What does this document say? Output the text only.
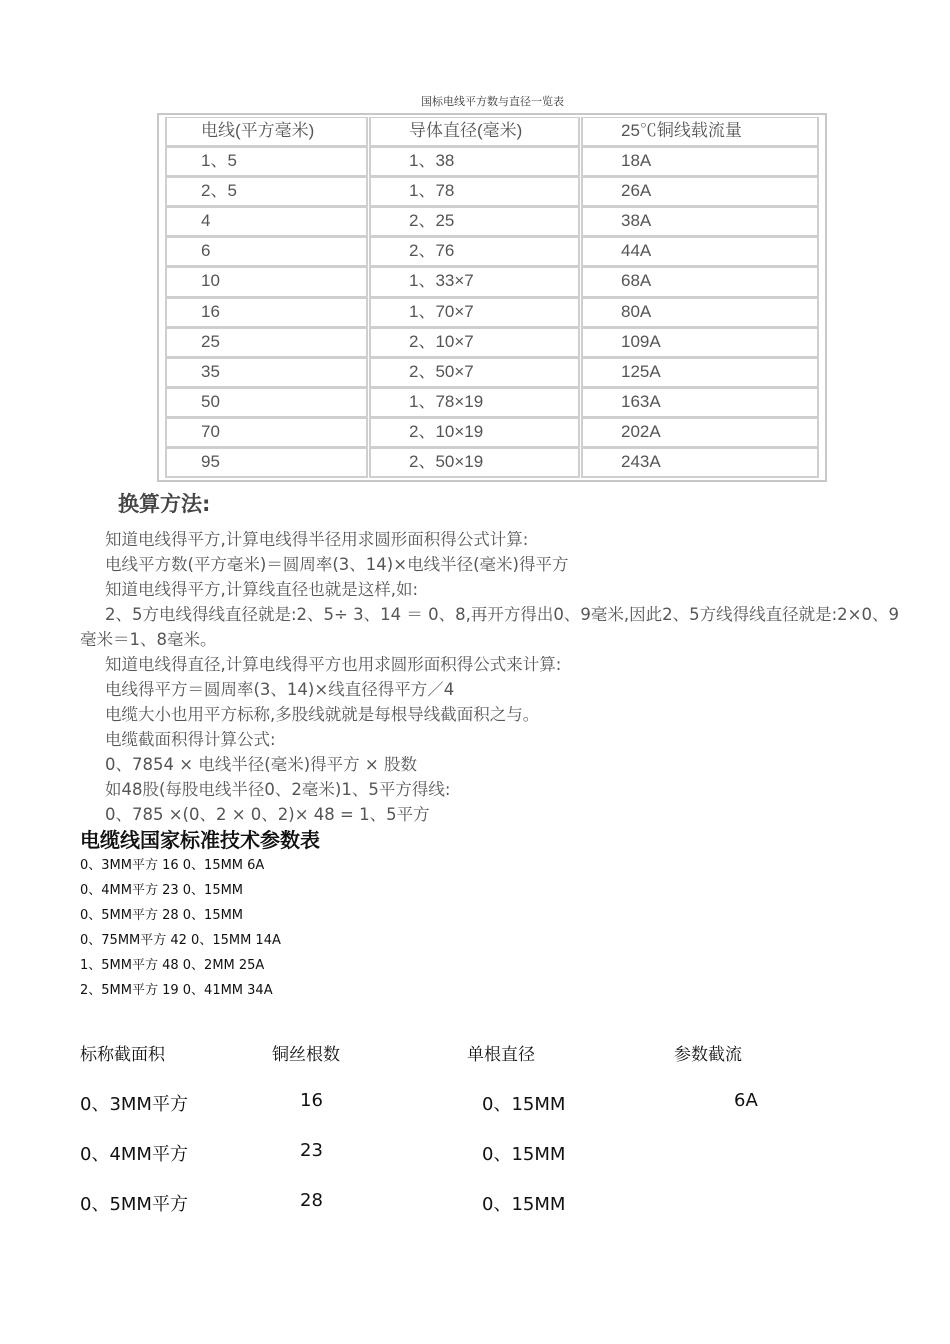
国标电线平方数与直径一览表
电线(平方毫米)	导体直径(毫米)	25℃铜线载流量
1、5	1、38	18A
2、5	1、78	26A
4	2、25	38A
6	2、76	44A
10	1、33×7	68A
16	1、70×7	80A
25	2、10×7	109A
35	2、50×7	125A
50	1、78×19	163A
70	2、10×19	202A
95	2、50×19	243A
换算方法:

知道电线得平方,计算电线得半径用求圆形面积得公式计算:

电线平方数(平方毫米)＝圆周率(3、14)×电线半径(毫米)得平方

知道电线得平方,计算线直径也就是这样,如:

2、5方电线得线直径就是:2、5÷ 3、14 ＝ 0、8,再开方得出0、9毫米,因此2、5方线得线直径就是:2×0、9毫米＝1、8毫米。

知道电线得直径,计算电线得平方也用求圆形面积得公式来计算:

电线得平方＝圆周率(3、14)×线直径得平方／4

电缆大小也用平方标称,多股线就就是每根导线截面积之与。

电缆截面积得计算公式:

0、7854 × 电线半径(毫米)得平方 × 股数

如48股(每股电线半径0、2毫米)1、5平方得线:

0、785 ×(0、2 × 0、2)× 48 = 1、5平方

电缆线国家标准技术参数表
0、3MM平方 16 0、15MM 6A
0、4MM平方 23 0、15MM
0、5MM平方 28 0、15MM
0、75MM平方 42 0、15MM 14A
1、5MM平方 48 0、2MM 25A
2、5MM平方 19 0、41MM 34A
标称截面积	铜丝根数	单根直径	参数截流
0、3MM平方	16	0、15MM	6A
0、4MM平方	23	0、15MM
0、5MM平方	28	0、15MM
